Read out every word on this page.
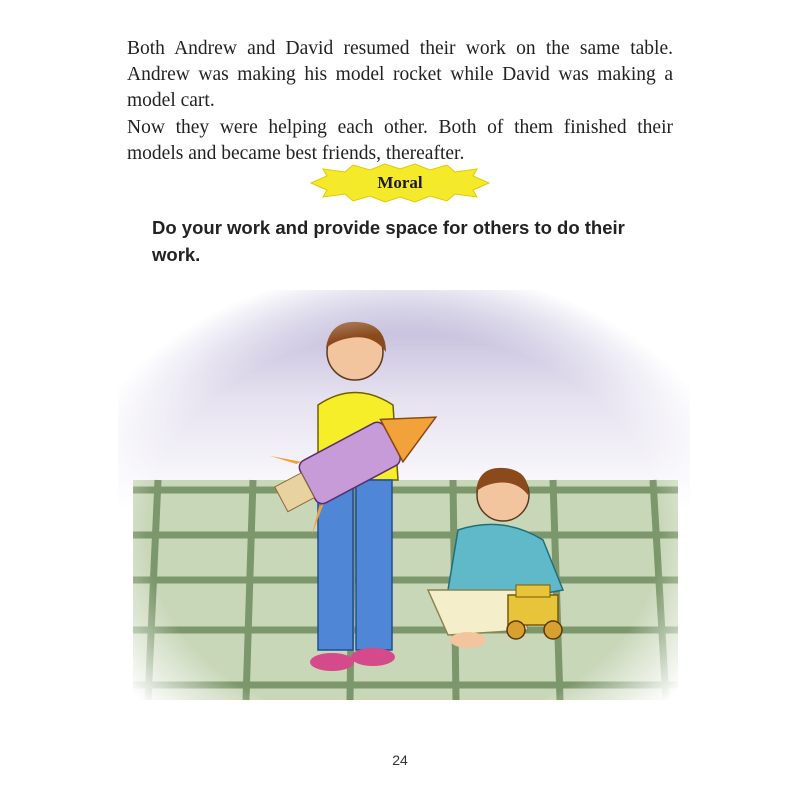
Both Andrew and David resumed their work on the same table. Andrew was making his model rocket while David was making a model cart.

Now they were helping each other. Both of them finished their models and became best friends, thereafter.

Moral

Do your work and provide space for others to do their work.

24
